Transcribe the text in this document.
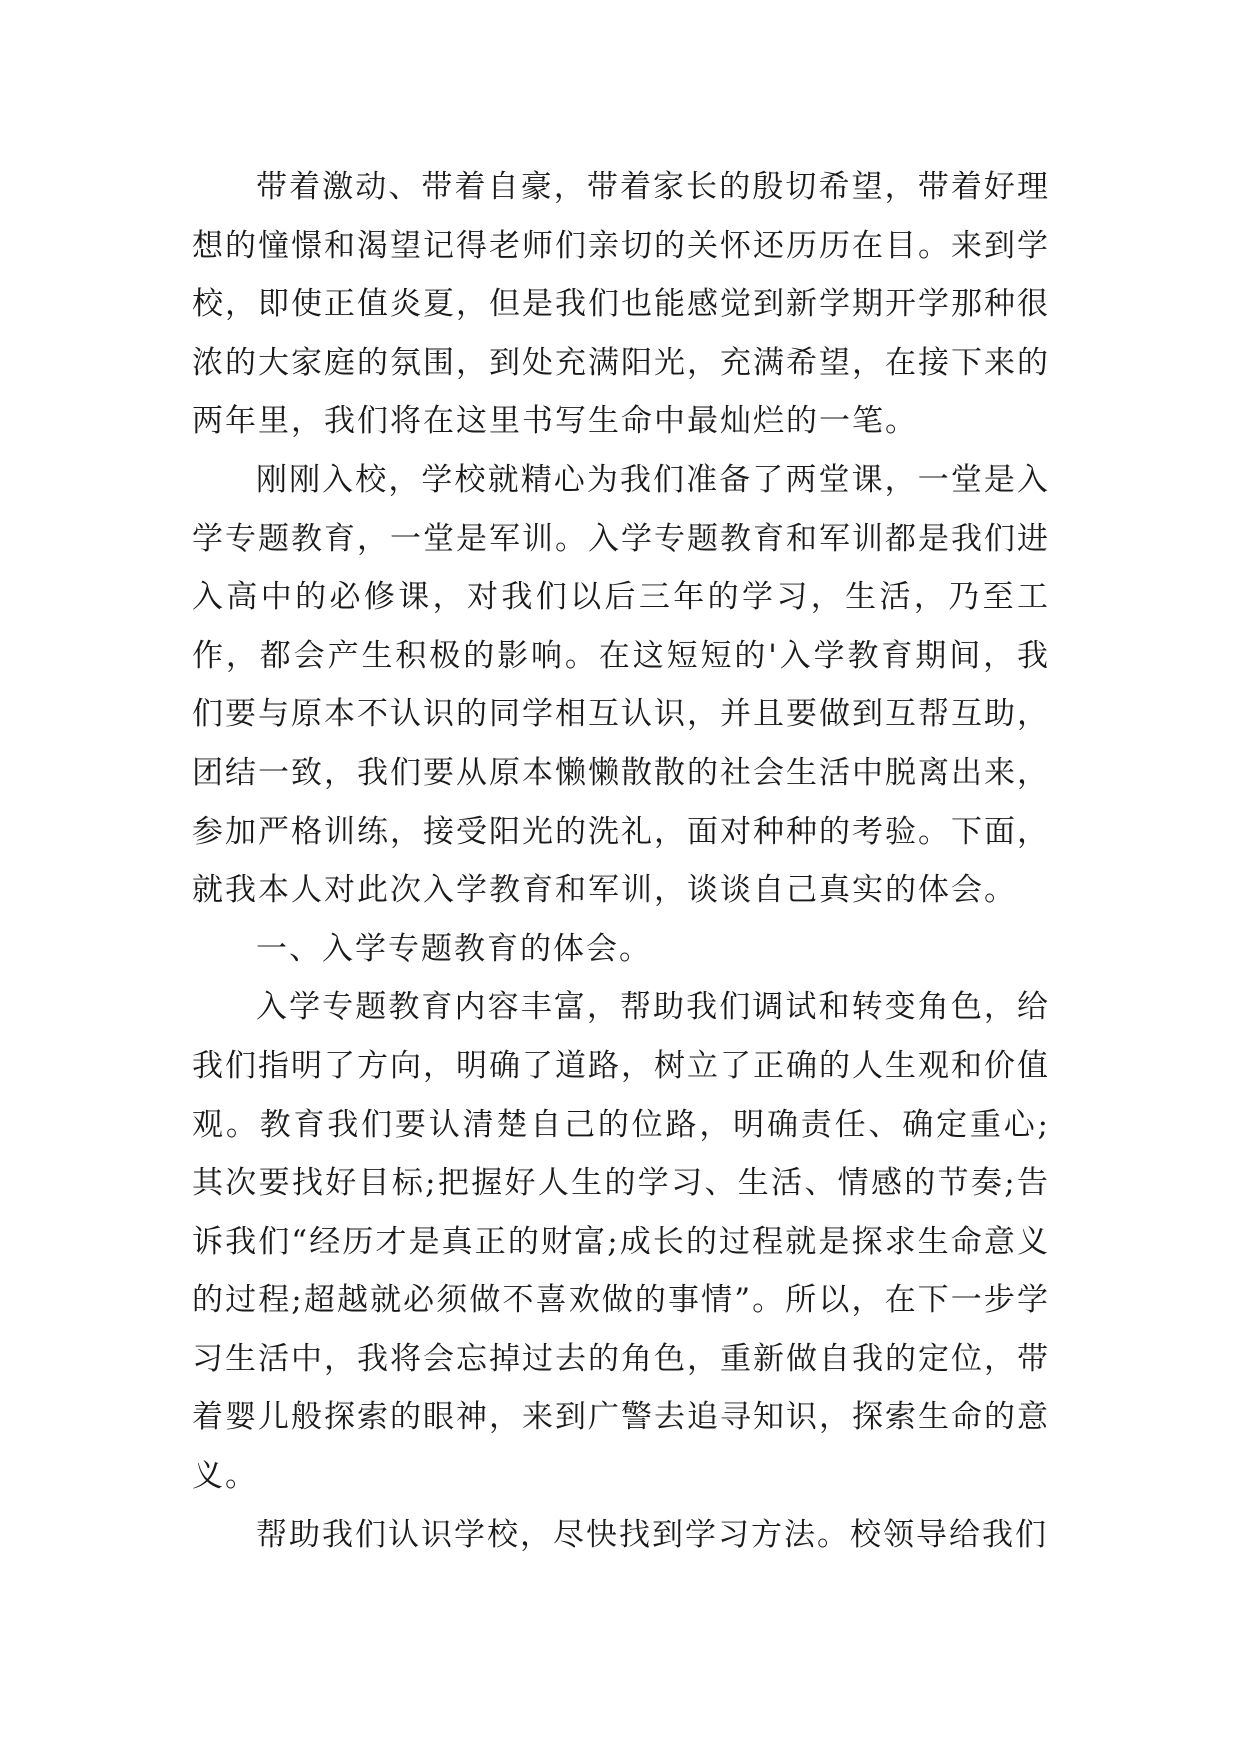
带着激动、带着自豪，带着家长的殷切希望，带着好理想的憧憬和渴望记得老师们亲切的关怀还历历在目。来到学校，即使正值炎夏，但是我们也能感觉到新学期开学那种很浓的大家庭的氛围，到处充满阳光，充满希望，在接下来的两年里，我们将在这里书写生命中最灿烂的一笔。

刚刚入校，学校就精心为我们准备了两堂课，一堂是入学专题教育，一堂是军训。入学专题教育和军训都是我们进入高中的必修课，对我们以后三年的学习，生活，乃至工作，都会产生积极的影响。在这短短的'入学教育期间，我们要与原本不认识的同学相互认识，并且要做到互帮互助，团结一致，我们要从原本懒懒散散的社会生活中脱离出来，参加严格训练，接受阳光的洗礼，面对种种的考验。下面，就我本人对此次入学教育和军训，谈谈自己真实的体会。

一、入学专题教育的体会。

入学专题教育内容丰富，帮助我们调试和转变角色，给我们指明了方向，明确了道路，树立了正确的人生观和价值观。教育我们要认清楚自己的位路，明确责任、确定重心;其次要找好目标;把握好人生的学习、生活、情感的节奏;告诉我们“经历才是真正的财富;成长的过程就是探求生命意义的过程;超越就必须做不喜欢做的事情”。所以，在下一步学习生活中，我将会忘掉过去的角色，重新做自我的定位，带着婴儿般探索的眼神，来到广警去追寻知识，探索生命的意义。

帮助我们认识学校，尽快找到学习方法。校领导给我们
